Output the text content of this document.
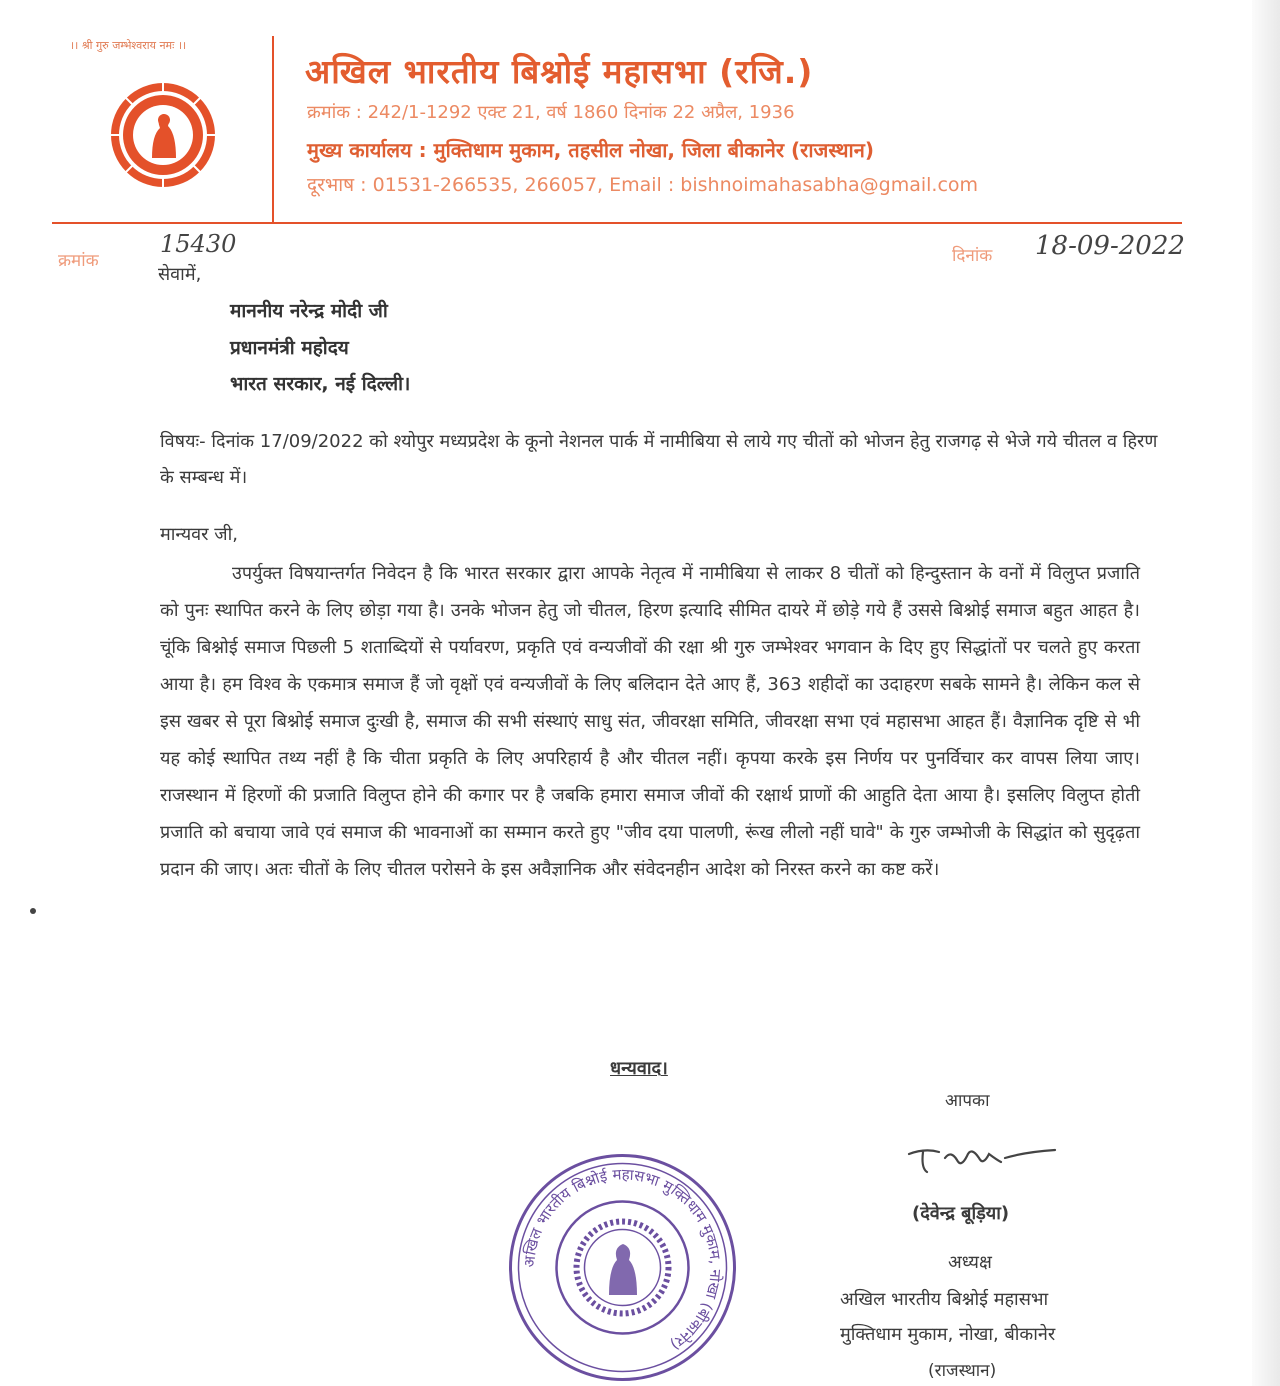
।। श्री गुरु जम्भेश्वराय नमः ।।
अखिल भारतीय बिश्नोई महासभा (रजि.)
क्रमांक : 242/1-1292 एक्ट 21, वर्ष 1860 दिनांक 22 अप्रैल, 1936
मुख्य कार्यालय : मुक्तिधाम मुकाम, तहसील नोखा, जिला बीकानेर (राजस्थान)
दूरभाष : 01531-266535, 266057, Email : bishnoimahasabha@gmail.com
क्रमांक
15430	दिनांक 18-09-2022
सेवामें,
माननीय नरेन्द्र मोदी जी
प्रधानमंत्री महोदय
भारत सरकार, नई दिल्ली।
विषयः- दिनांक 17/09/2022 को श्योपुर मध्यप्रदेश के कूनो नेशनल पार्क में नामीबिया से लाये गए चीतों को भोजन हेतु राजगढ़ से भेजे गये चीतल व हिरण के सम्बन्ध में।
मान्यवर जी,
उपर्युक्त विषयान्तर्गत निवेदन है कि भारत सरकार द्वारा आपके नेतृत्व में नामीबिया से लाकर 8 चीतों को हिन्दुस्तान के वनों में विलुप्त प्रजाति को पुनः स्थापित करने के लिए छोड़ा गया है। उनके भोजन हेतु जो चीतल, हिरण इत्यादि सीमित दायरे में छोड़े गये हैं उससे बिश्नोई समाज बहुत आहत है। चूंकि बिश्नोई समाज पिछली 5 शताब्दियों से पर्यावरण, प्रकृति एवं वन्यजीवों की रक्षा श्री गुरु जम्भेश्वर भगवान के दिए हुए सिद्धांतों पर चलते हुए करता आया है। हम विश्व के एकमात्र समाज हैं जो वृक्षों एवं वन्यजीवों के लिए बलिदान देते आए हैं, 363 शहीदों का उदाहरण सबके सामने है। लेकिन कल से इस खबर से पूरा बिश्नोई समाज दुःखी है, समाज की सभी संस्थाएं साधु संत, जीवरक्षा समिति, जीवरक्षा सभा एवं महासभा आहत हैं। वैज्ञानिक दृष्टि से भी यह कोई स्थापित तथ्य नहीं है कि चीता प्रकृति के लिए अपरिहार्य है और चीतल नहीं। कृपया करके इस निर्णय पर पुनर्विचार कर वापस लिया जाए। राजस्थान में हिरणों की प्रजाति विलुप्त होने की कगार पर है जबकि हमारा समाज जीवों की रक्षार्थ प्राणों की आहुति देता आया है। इसलिए विलुप्त होती प्रजाति को बचाया जावे एवं समाज की भावनाओं का सम्मान करते हुए "जीव दया पालणी, रूंख लीलो नहीं घावे" के गुरु जम्भोजी के सिद्धांत को सुदृढ़ता प्रदान की जाए। अतः चीतों के लिए चीतल परोसने के इस अवैज्ञानिक और संवेदनहीन आदेश को निरस्त करने का कष्ट करें।
धन्यवाद।
आपका
(देवेन्द्र बूड़िया)
अध्यक्ष
अखिल भारतीय बिश्नोई महासभा
मुक्तिधाम मुकाम, नोखा, बीकानेर
(राजस्थान)
अखिल भारतीय बिश्नोई महासभा मुक्तिधाम मुकाम, नोखा (बीकानेर)
